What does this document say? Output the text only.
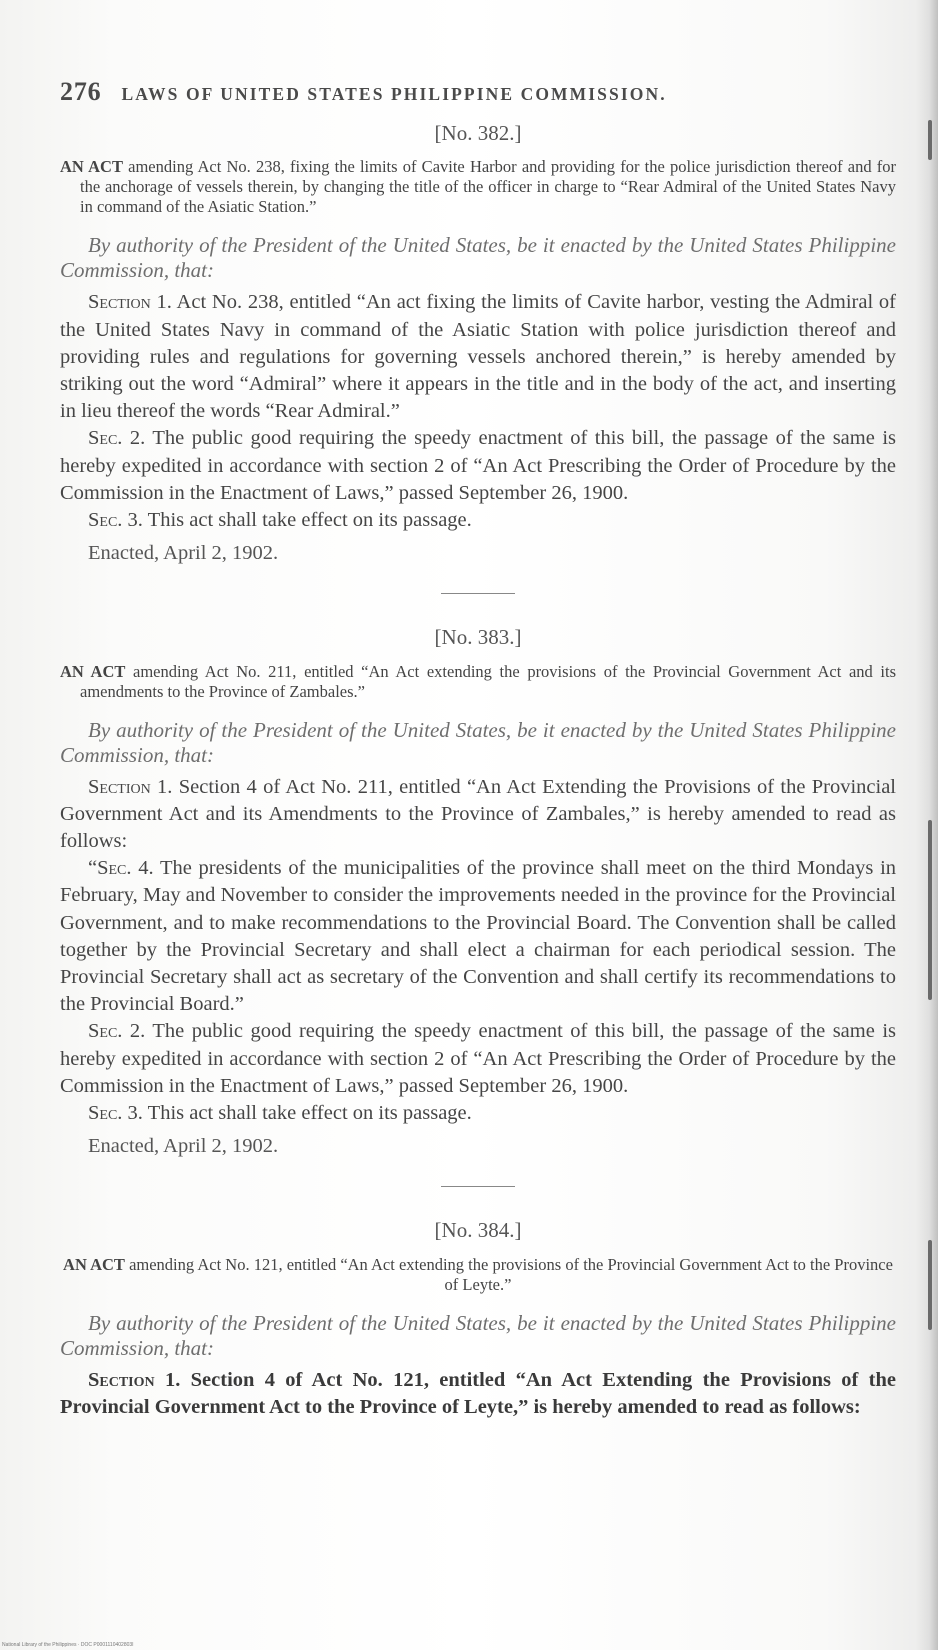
276 LAWS OF UNITED STATES PHILIPPINE COMMISSION.
[No. 382.]

AN ACT amending Act No. 238, fixing the limits of Cavite Harbor and providing for the police jurisdiction thereof and for the anchorage of vessels therein, by changing the title of the officer in charge to “Rear Admiral of the United States Navy in command of the Asiatic Station.”

By authority of the President of the United States, be it enacted by the United States Philippine Commission, that:

Section 1. Act No. 238, entitled “An act fixing the limits of Cavite harbor, vesting the Admiral of the United States Navy in command of the Asiatic Station with police jurisdiction thereof and providing rules and regulations for governing vessels anchored therein,” is hereby amended by striking out the word “Admiral” where it appears in the title and in the body of the act, and inserting in lieu thereof the words “Rear Admiral.”

Sec. 2. The public good requiring the speedy enactment of this bill, the passage of the same is hereby expedited in accordance with section 2 of “An Act Prescribing the Order of Procedure by the Commission in the Enactment of Laws,” passed September 26, 1900.

Sec. 3. This act shall take effect on its passage.

Enacted, April 2, 1902.

[No. 383.]

AN ACT amending Act No. 211, entitled “An Act extending the provisions of the Provincial Government Act and its amendments to the Province of Zambales.”

By authority of the President of the United States, be it enacted by the United States Philippine Commission, that:

Section 1. Section 4 of Act No. 211, entitled “An Act Extending the Provisions of the Provincial Government Act and its Amendments to the Province of Zambales,” is hereby amended to read as follows:

“Sec. 4. The presidents of the municipalities of the province shall meet on the third Mondays in February, May and November to consider the improvements needed in the province for the Provincial Government, and to make recommendations to the Provincial Board. The Convention shall be called together by the Provincial Secretary and shall elect a chairman for each periodical session. The Provincial Secretary shall act as secretary of the Convention and shall certify its recommendations to the Provincial Board.”

Sec. 2. The public good requiring the speedy enactment of this bill, the passage of the same is hereby expedited in accordance with section 2 of “An Act Prescribing the Order of Procedure by the Commission in the Enactment of Laws,” passed September 26, 1900.

Sec. 3. This act shall take effect on its passage.

Enacted, April 2, 1902.

[No. 384.]

AN ACT amending Act No. 121, entitled “An Act extending the provisions of the Provincial Government Act to the Province of Leyte.”

By authority of the President of the United States, be it enacted by the United States Philippine Commission, that:

Section 1. Section 4 of Act No. 121, entitled “An Act Extending the Provisions of the Provincial Government Act to the Province of Leyte,” is hereby amended to read as follows:

National Library of the Philippines · DOC P0001110402803I
